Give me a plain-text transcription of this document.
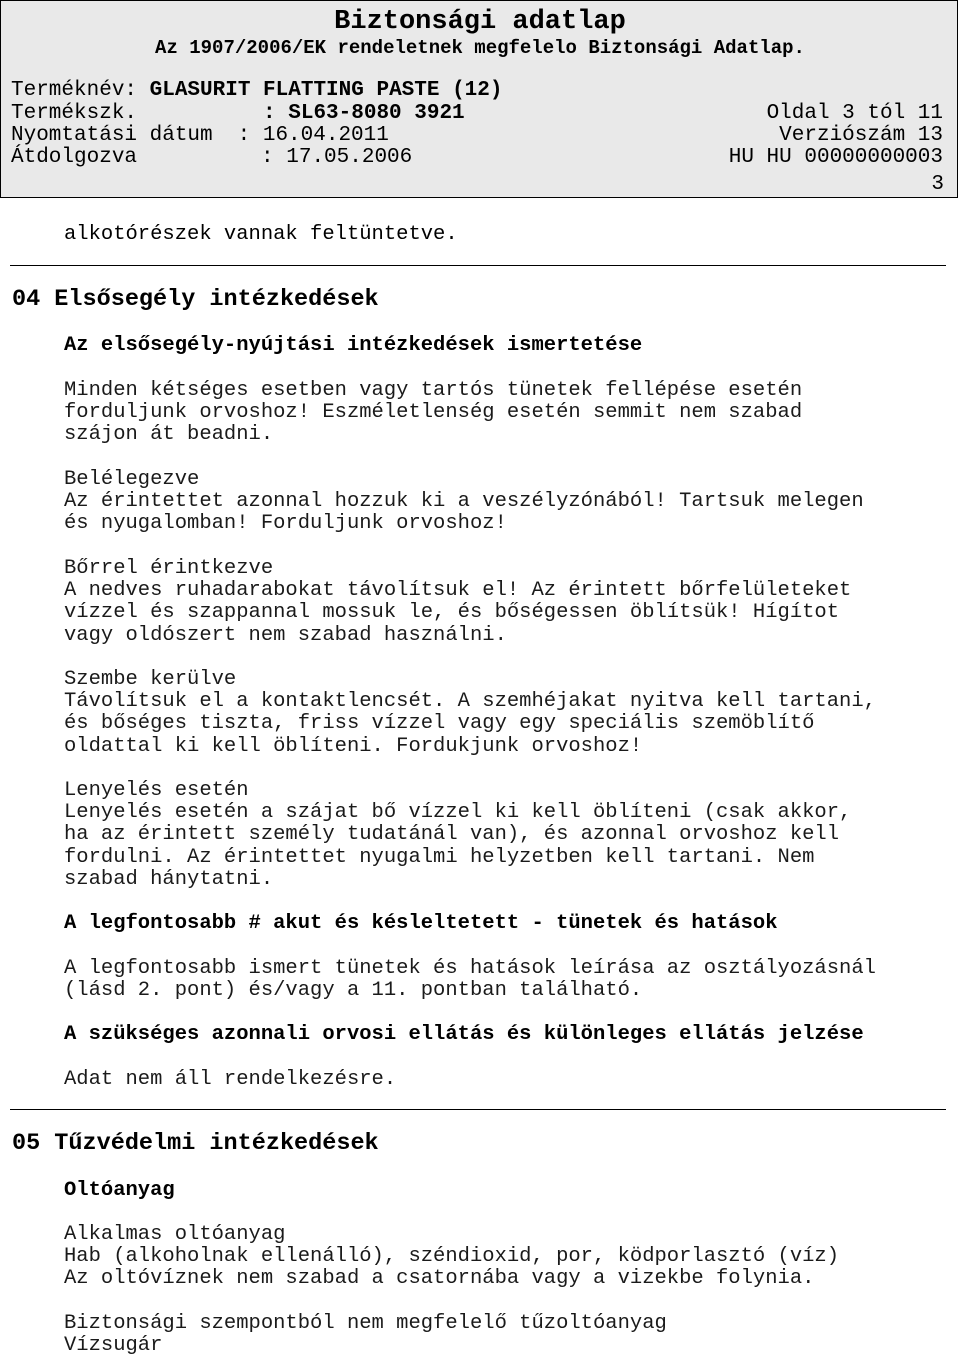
Biztonsági adatlap
Az 1907/2006/EK rendeletnek megfelelo Biztonsági Adatlap.
Terméknév: GLASURIT FLATTING PASTE (12)
Termékszk.	: SL63-8080 3921	Oldal 3 tól 11
Nyomtatási dátum : 16.04.2011	Verziószám 13
Átdolgozva	: 17.05.2006	HU HU 00000000003
3
alkotórészek vannak feltüntetve.
04 Elsősegély intézkedések
Az elsősegély-nyújtási intézkedések ismertetése
Minden kétséges esetben vagy tartós tünetek fellépése esetén
forduljunk orvoshoz! Eszméletlenség esetén semmit nem szabad
szájon át beadni.
Belélegezve
Az érintettet azonnal hozzuk ki a veszélyzónából! Tartsuk melegen
és nyugalomban! Forduljunk orvoshoz!
Bőrrel érintkezve
A nedves ruhadarabokat távolítsuk el! Az érintett bőrfelületeket
vízzel és szappannal mossuk le, és bőségessen öblítsük! Hígítot
vagy oldószert nem szabad használni.
Szembe kerülve
Távolítsuk el a kontaktlencsét. A szemhéjakat nyitva kell tartani,
és bőséges tiszta, friss vízzel vagy egy speciális szemöblítő
oldattal ki kell öblíteni. Fordukjunk orvoshoz!
Lenyelés esetén
Lenyelés esetén a szájat bő vízzel ki kell öblíteni (csak akkor,
ha az érintett személy tudatánál van), és azonnal orvoshoz kell
fordulni. Az érintettet nyugalmi helyzetben kell tartani. Nem
szabad hánytatni.
A legfontosabb # akut és késleltetett - tünetek és hatások
A legfontosabb ismert tünetek és hatások leírása az osztályozásnál
(lásd 2. pont) és/vagy a 11. pontban található.
A szükséges azonnali orvosi ellátás és különleges ellátás jelzése
Adat nem áll rendelkezésre.
05 Tűzvédelmi intézkedések
Oltóanyag
Alkalmas oltóanyag
Hab (alkoholnak ellenálló), széndioxid, por, ködporlasztó (víz)
Az oltóvíznek nem szabad a csatornába vagy a vizekbe folynia.
Biztonsági szempontból nem megfelelő tűzoltóanyag
Vízsugár
